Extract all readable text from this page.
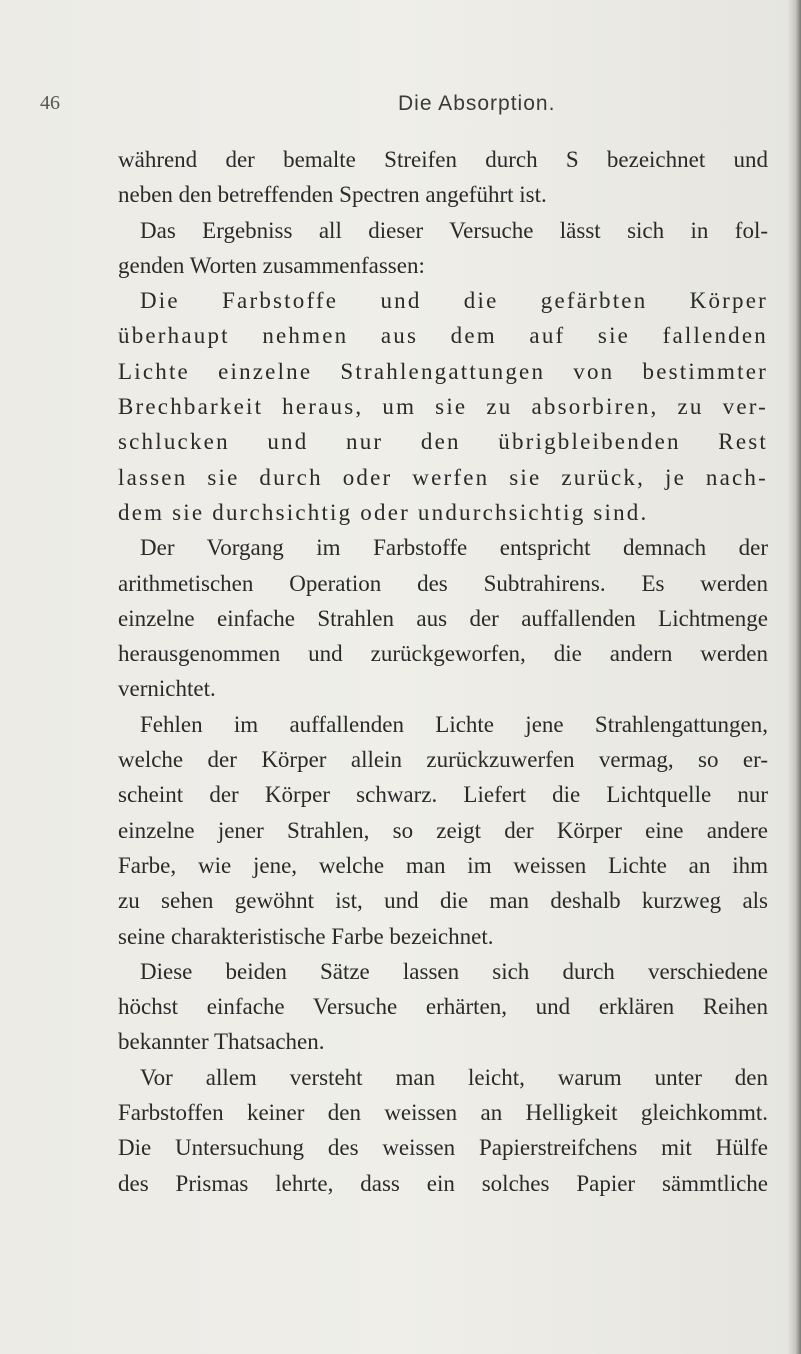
46	Die Absorption.
während der bemalte Streifen durch S bezeichnet und
neben den betreffenden Spectren angeführt ist.
Das Ergebniss all dieser Versuche lässt sich in fol-
genden Worten zusammenfassen:
Die Farbstoffe und die gefärbten Körper
überhaupt nehmen aus dem auf sie fallenden
Lichte einzelne Strahlengattungen von bestimmter
Brechbarkeit heraus, um sie zu absorbiren, zu ver-
schlucken und nur den übrigbleibenden Rest
lassen sie durch oder werfen sie zurück, je nach-
dem sie durchsichtig oder undurchsichtig sind.
Der Vorgang im Farbstoffe entspricht demnach der
arithmetischen Operation des Subtrahirens. Es werden
einzelne einfache Strahlen aus der auffallenden Lichtmenge
herausgenommen und zurückgeworfen, die andern werden
vernichtet.
Fehlen im auffallenden Lichte jene Strahlengattungen,
welche der Körper allein zurückzuwerfen vermag, so er-
scheint der Körper schwarz. Liefert die Lichtquelle nur
einzelne jener Strahlen, so zeigt der Körper eine andere
Farbe, wie jene, welche man im weissen Lichte an ihm
zu sehen gewöhnt ist, und die man deshalb kurzweg als
seine charakteristische Farbe bezeichnet.
Diese beiden Sätze lassen sich durch verschiedene
höchst einfache Versuche erhärten, und erklären Reihen
bekannter Thatsachen.
Vor allem versteht man leicht, warum unter den
Farbstoffen keiner den weissen an Helligkeit gleichkommt.
Die Untersuchung des weissen Papierstreifchens mit Hülfe
des Prismas lehrte, dass ein solches Papier sämmtliche
